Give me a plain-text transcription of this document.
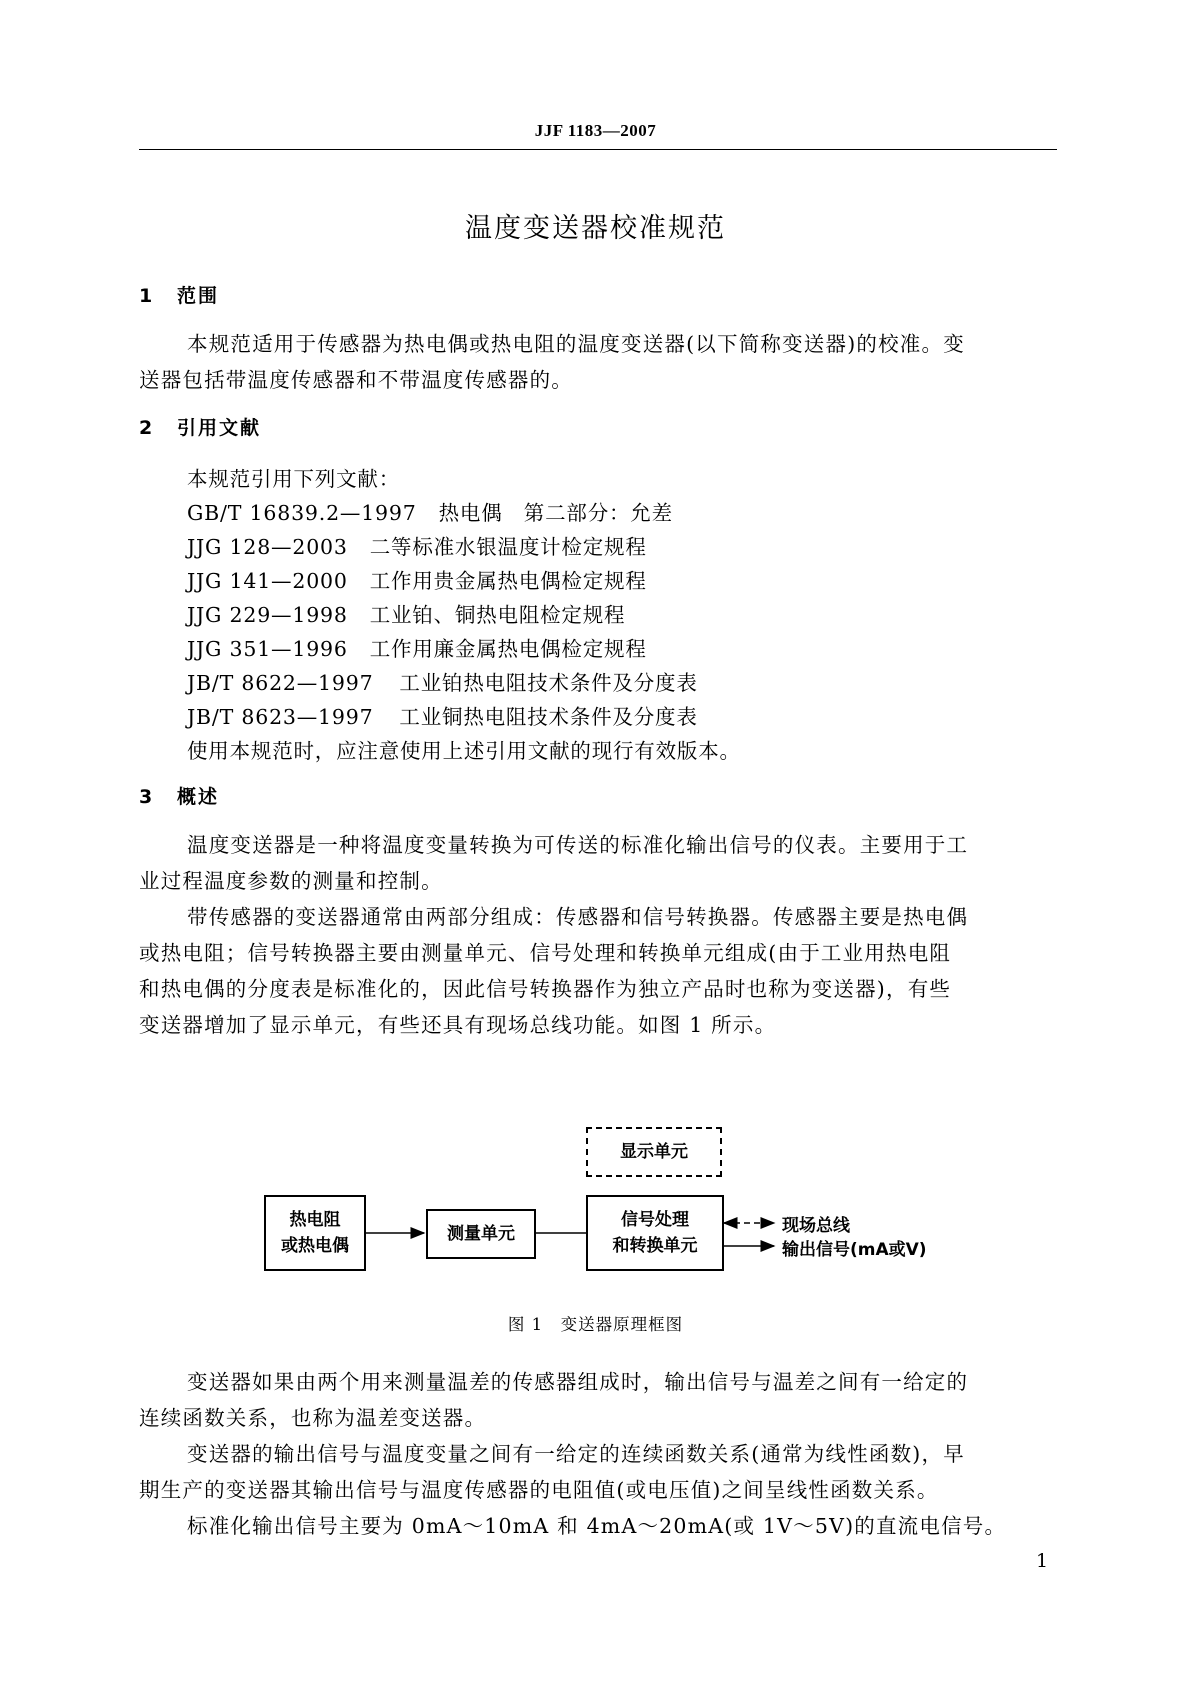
JJF 1183—2007
温度变送器校准规范
1 范围
本规范适用于传感器为热电偶或热电阻的温度变送器(以下简称变送器)的校准。变
送器包括带温度传感器和不带温度传感器的。
2 引用文献
本规范引用下列文献：
GB/T 16839.2—1997 热电偶　第二部分：允差
JJG 128—2003 二等标准水银温度计检定规程
JJG 141—2000 工作用贵金属热电偶检定规程
JJG 229—1998 工业铂、铜热电阻检定规程
JJG 351—1996 工作用廉金属热电偶检定规程
JB/T 8622—1997 工业铂热电阻技术条件及分度表
JB/T 8623—1997 工业铜热电阻技术条件及分度表
使用本规范时，应注意使用上述引用文献的现行有效版本。
3 概述
温度变送器是一种将温度变量转换为可传送的标准化输出信号的仪表。主要用于工
业过程温度参数的测量和控制。
带传感器的变送器通常由两部分组成：传感器和信号转换器。传感器主要是热电偶
或热电阻；信号转换器主要由测量单元、信号处理和转换单元组成(由于工业用热电阻
和热电偶的分度表是标准化的，因此信号转换器作为独立产品时也称为变送器)，有些
变送器增加了显示单元，有些还具有现场总线功能。如图 1 所示。
显示单元
热电阻
或热电偶
测量单元
信号处理
和转换单元
现场总线
输出信号(mA或V)
图 1　变送器原理框图
变送器如果由两个用来测量温差的传感器组成时，输出信号与温差之间有一给定的
连续函数关系，也称为温差变送器。
变送器的输出信号与温度变量之间有一给定的连续函数关系(通常为线性函数)，早
期生产的变送器其输出信号与温度传感器的电阻值(或电压值)之间呈线性函数关系。
标准化输出信号主要为 0mA～10mA 和 4mA～20mA(或 1V～5V)的直流电信号。
1
